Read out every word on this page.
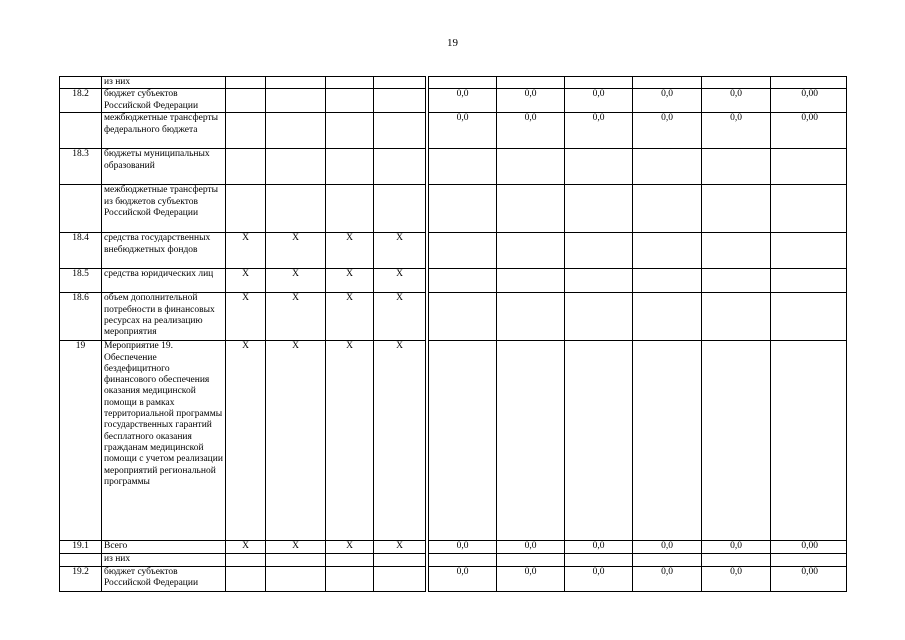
19
	из них											
18.2	бюджет субъектов Российской Федерации						0,0	0,0	0,0	0,0	0,0	0,00
	межбюджетные трансферты федерального бюджета						0,0	0,0	0,0	0,0	0,0	0,00
18.3	бюджеты муниципальных образований											
	межбюджетные трансферты из бюджетов субъектов Российской Федерации											
18.4	средства государственных внебюджетных фондов	Х	Х	Х	Х							
18.5	средства юридических лиц	Х	Х	Х	Х							
18.6	объем дополнительной потребности в финансовых ресурсах на реализацию мероприятия	Х	Х	Х	Х							
19	Мероприятие 19. Обеспечение бездефицитного финансового обеспечения оказания медицинской помощи в рамках территориальной программы государственных гарантий бесплатного оказания гражданам медицинской помощи с учетом реализации мероприятий региональной программы	Х	Х	Х	Х							
19.1	Всего	Х	Х	Х	Х		0,0	0,0	0,0	0,0	0,0	0,00
	из них											
19.2	бюджет субъектов Российской Федерации						0,0	0,0	0,0	0,0	0,0	0,00
